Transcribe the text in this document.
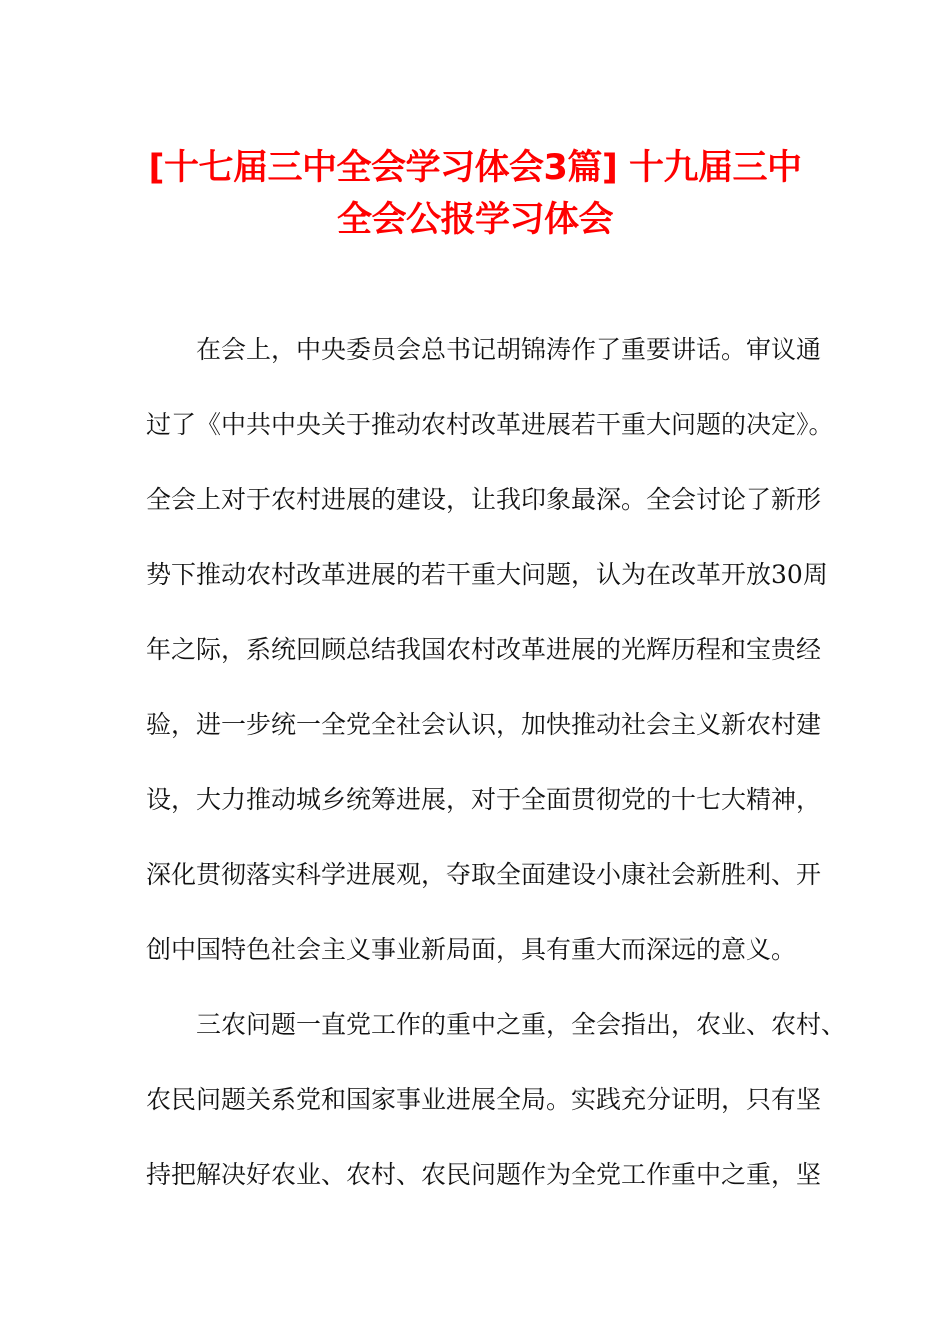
[十七届三中全会学习体会3篇] 十九届三中
全会公报学习体会
在会上，中央委员会总书记胡锦涛作了重要讲话。审议通
过了《中共中央关于推动农村改革进展若干重大问题的决定》。
全会上对于农村进展的建设，让我印象最深。全会讨论了新形
势下推动农村改革进展的若干重大问题，认为在改革开放30周
年之际，系统回顾总结我国农村改革进展的光辉历程和宝贵经
验，进一步统一全党全社会认识，加快推动社会主义新农村建
设，大力推动城乡统筹进展，对于全面贯彻党的十七大精神，
深化贯彻落实科学进展观，夺取全面建设小康社会新胜利、开
创中国特色社会主义事业新局面，具有重大而深远的意义。
三农问题一直党工作的重中之重，全会指出，农业、农村、
农民问题关系党和国家事业进展全局。实践充分证明，只有坚
持把解决好农业、农村、农民问题作为全党工作重中之重，坚
